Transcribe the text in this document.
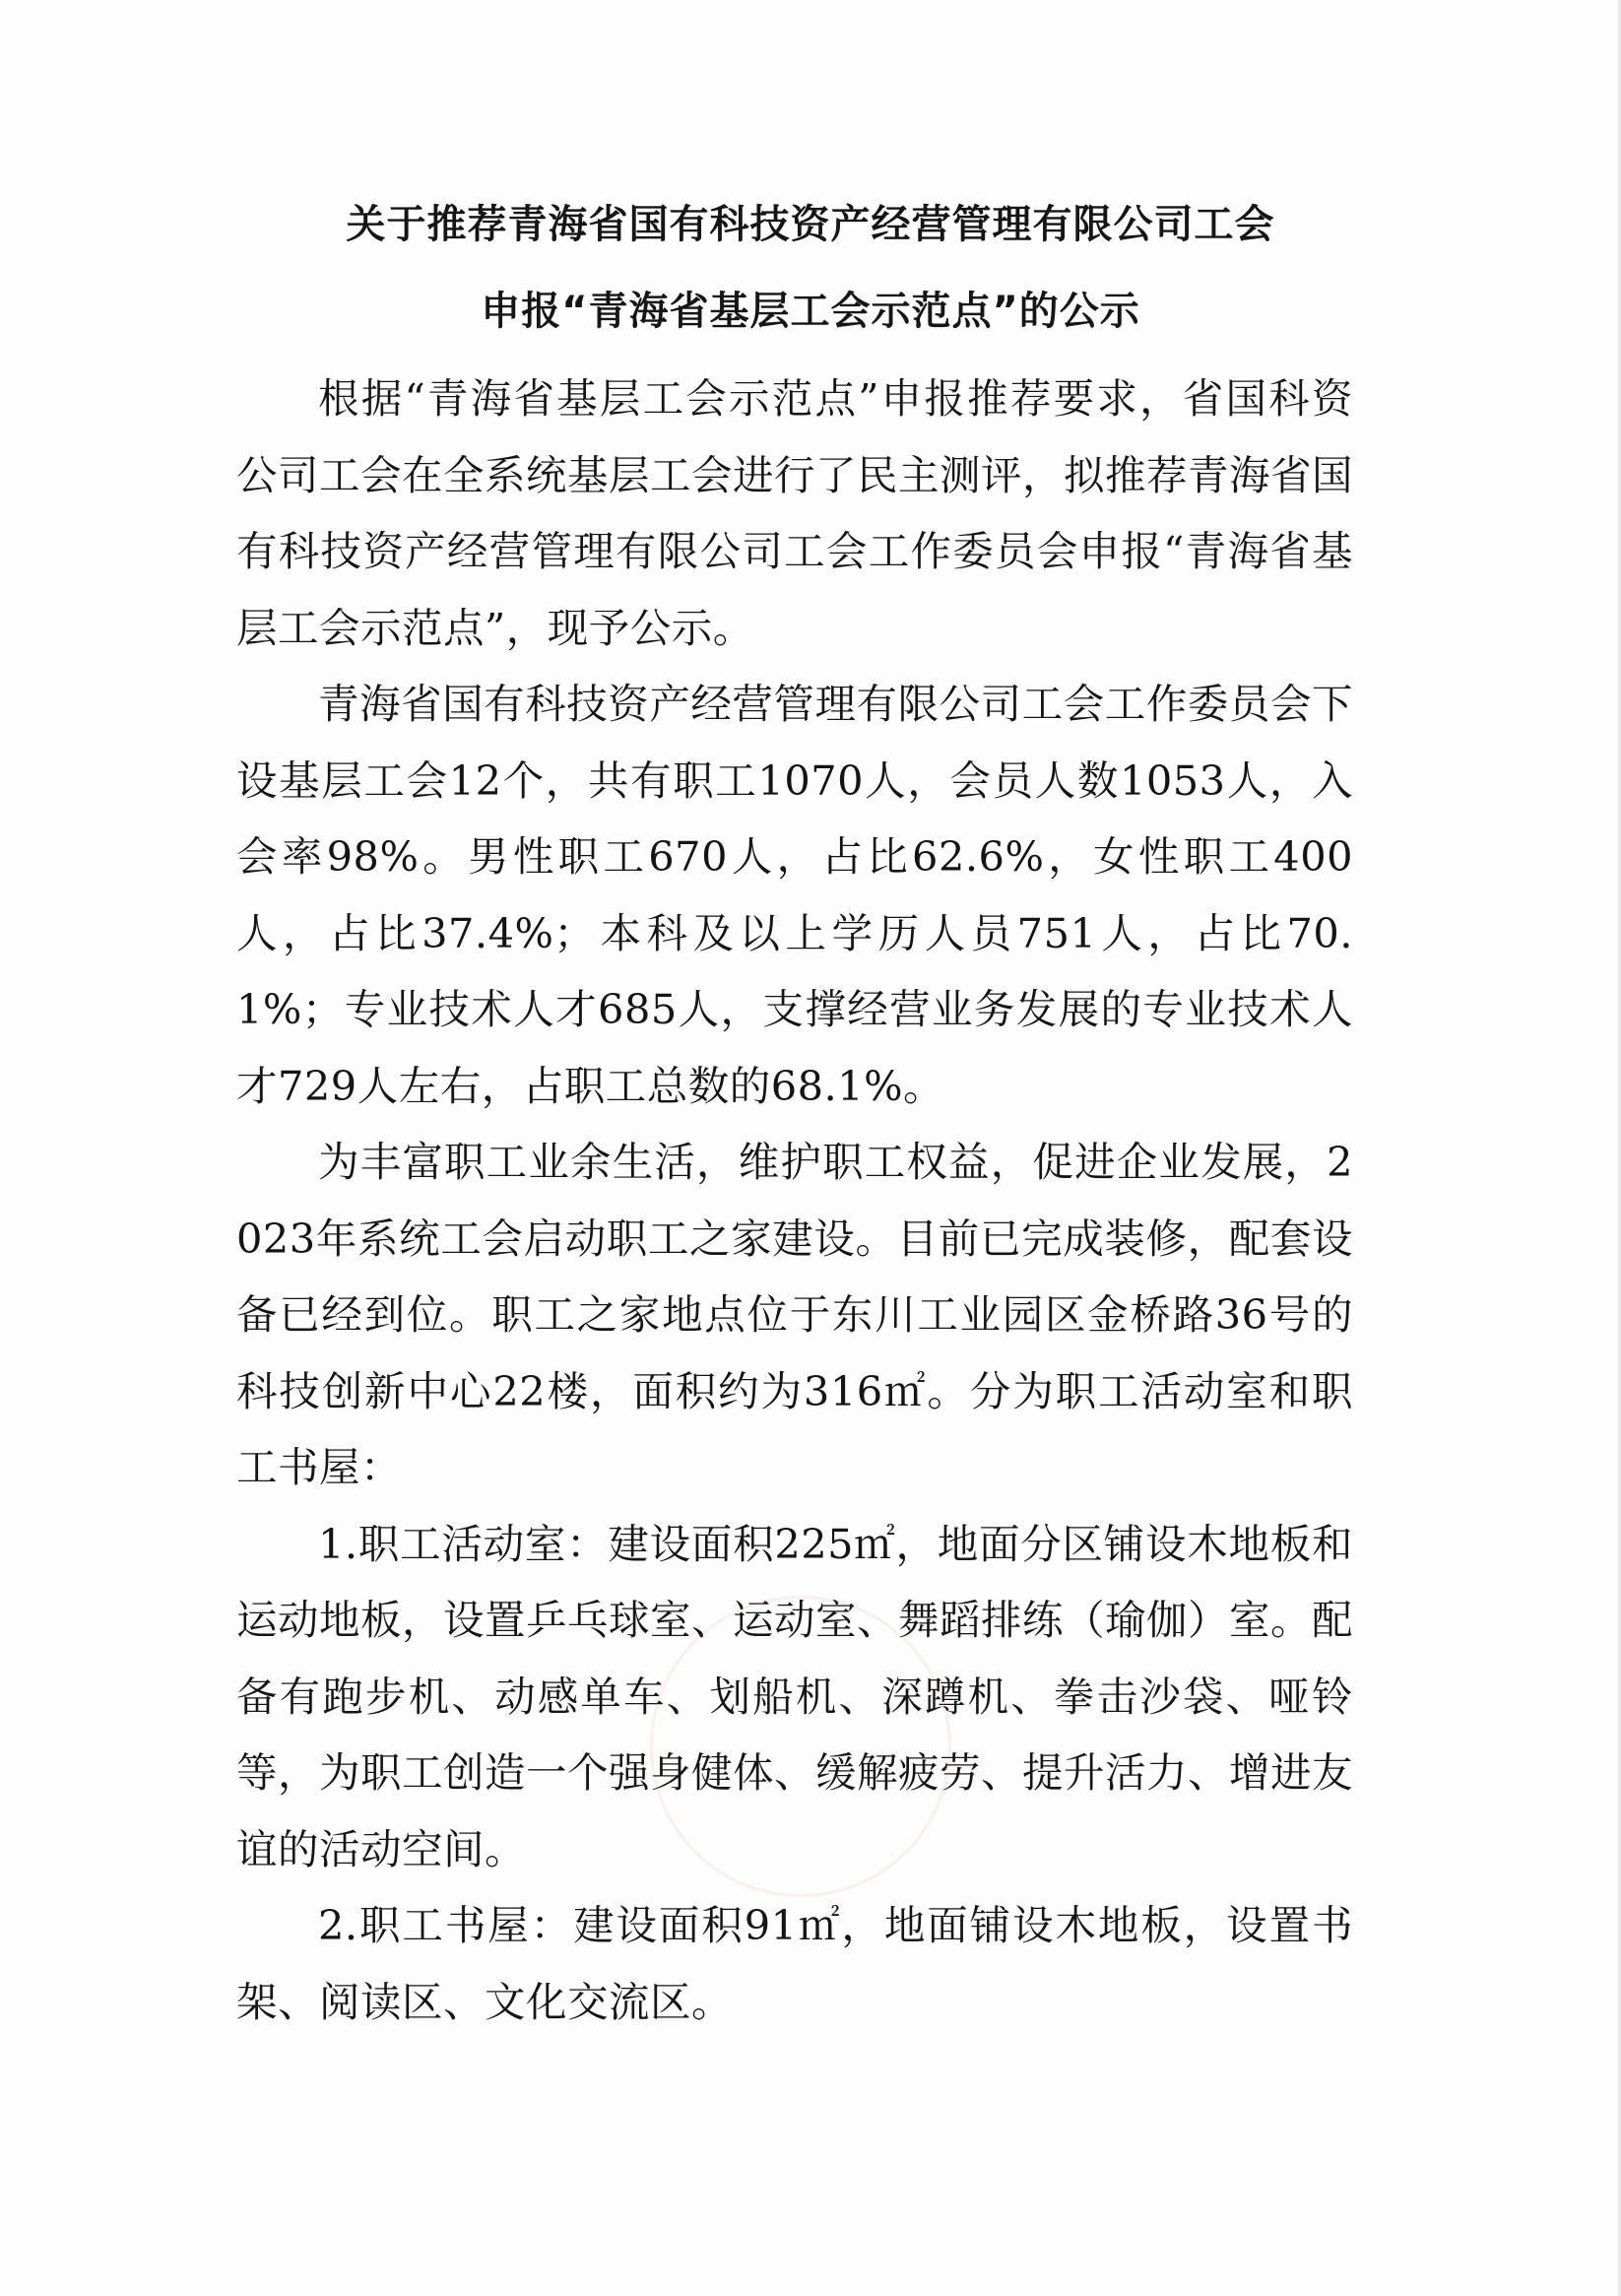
关于推荐青海省国有科技资产经营管理有限公司工会
申报“青海省基层工会示范点”的公示

根据“青海省基层工会示范点”申报推荐要求，省国科资公司工会在全系统基层工会进行了民主测评，拟推荐青海省国有科技资产经营管理有限公司工会工作委员会申报“青海省基层工会示范点”，现予公示。

青海省国有科技资产经营管理有限公司工会工作委员会下设基层工会12个，共有职工1070人，会员人数1053人，入会率98%。男性职工670人，占比62.6%，女性职工400人，占比37.4%；本科及以上学历人员751人，占比70.1%；专业技术人才685人，支撑经营业务发展的专业技术人才729人左右，占职工总数的68.1%。

为丰富职工业余生活，维护职工权益，促进企业发展，2023年系统工会启动职工之家建设。目前已完成装修，配套设备已经到位。职工之家地点位于东川工业园区金桥路36号的科技创新中心22楼，面积约为316㎡。分为职工活动室和职工书屋：

1.职工活动室：建设面积225㎡，地面分区铺设木地板和运动地板，设置乒乓球室、运动室、舞蹈排练（瑜伽）室。配备有跑步机、动感单车、划船机、深蹲机、拳击沙袋、哑铃等，为职工创造一个强身健体、缓解疲劳、提升活力、增进友谊的活动空间。

2.职工书屋：建设面积91㎡，地面铺设木地板，设置书架、阅读区、文化交流区。
